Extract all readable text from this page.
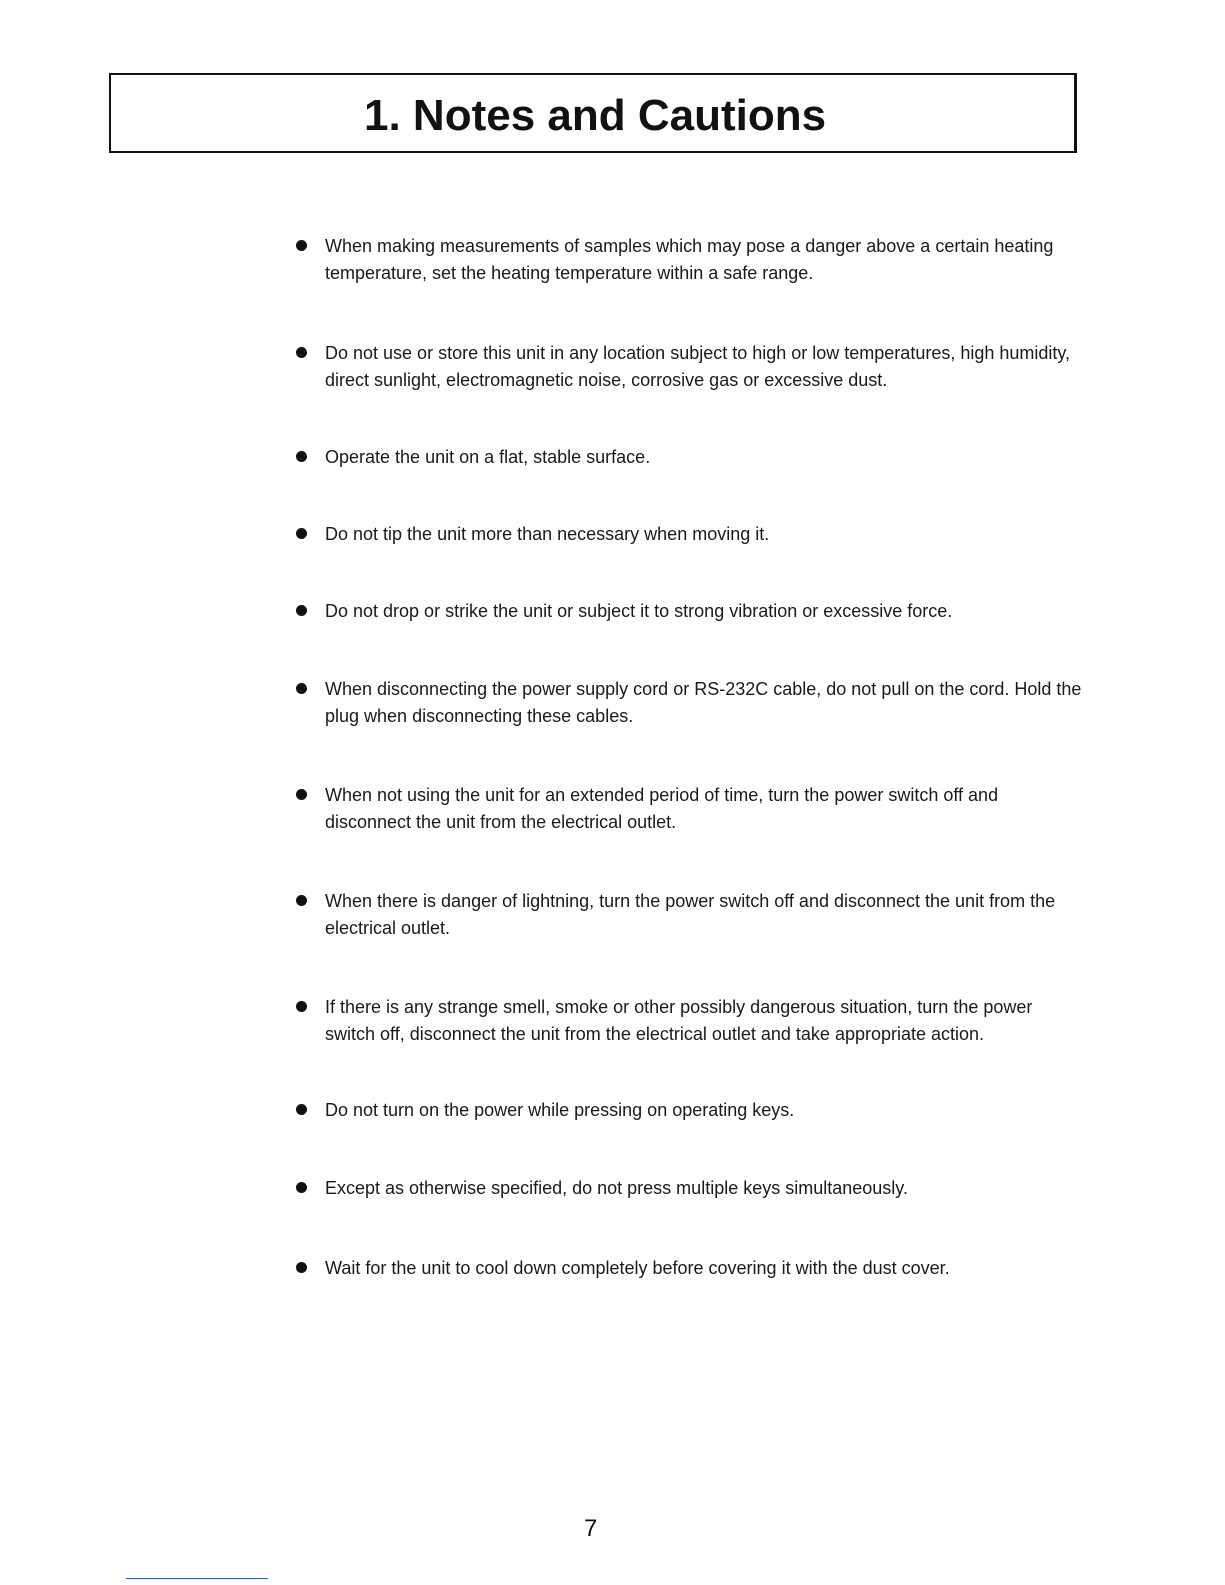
1. Notes and Cautions
When making measurements of samples which may pose a danger above a certain heating temperature, set the heating temperature within a safe range.
Do not use or store this unit in any location subject to high or low temperatures, high humidity, direct sunlight, electromagnetic noise, corrosive gas or excessive dust.
Operate the unit on a flat, stable surface.
Do not tip the unit more than necessary when moving it.
Do not drop or strike the unit or subject it to strong vibration or excessive force.
When disconnecting the power supply cord or RS-232C cable, do not pull on the cord. Hold the plug when disconnecting these cables.
When not using the unit for an extended period of time, turn the power switch off and disconnect the unit from the electrical outlet.
When there is danger of lightning, turn the power switch off and disconnect the unit from the electrical outlet.
If there is any strange smell, smoke or other possibly dangerous situation, turn the power switch off, disconnect the unit from the electrical outlet and take appropriate action.
Do not turn on the power while pressing on operating keys.
Except as otherwise specified, do not press multiple keys simultaneously.
Wait for the unit to cool down completely before covering it with the dust cover.
7
